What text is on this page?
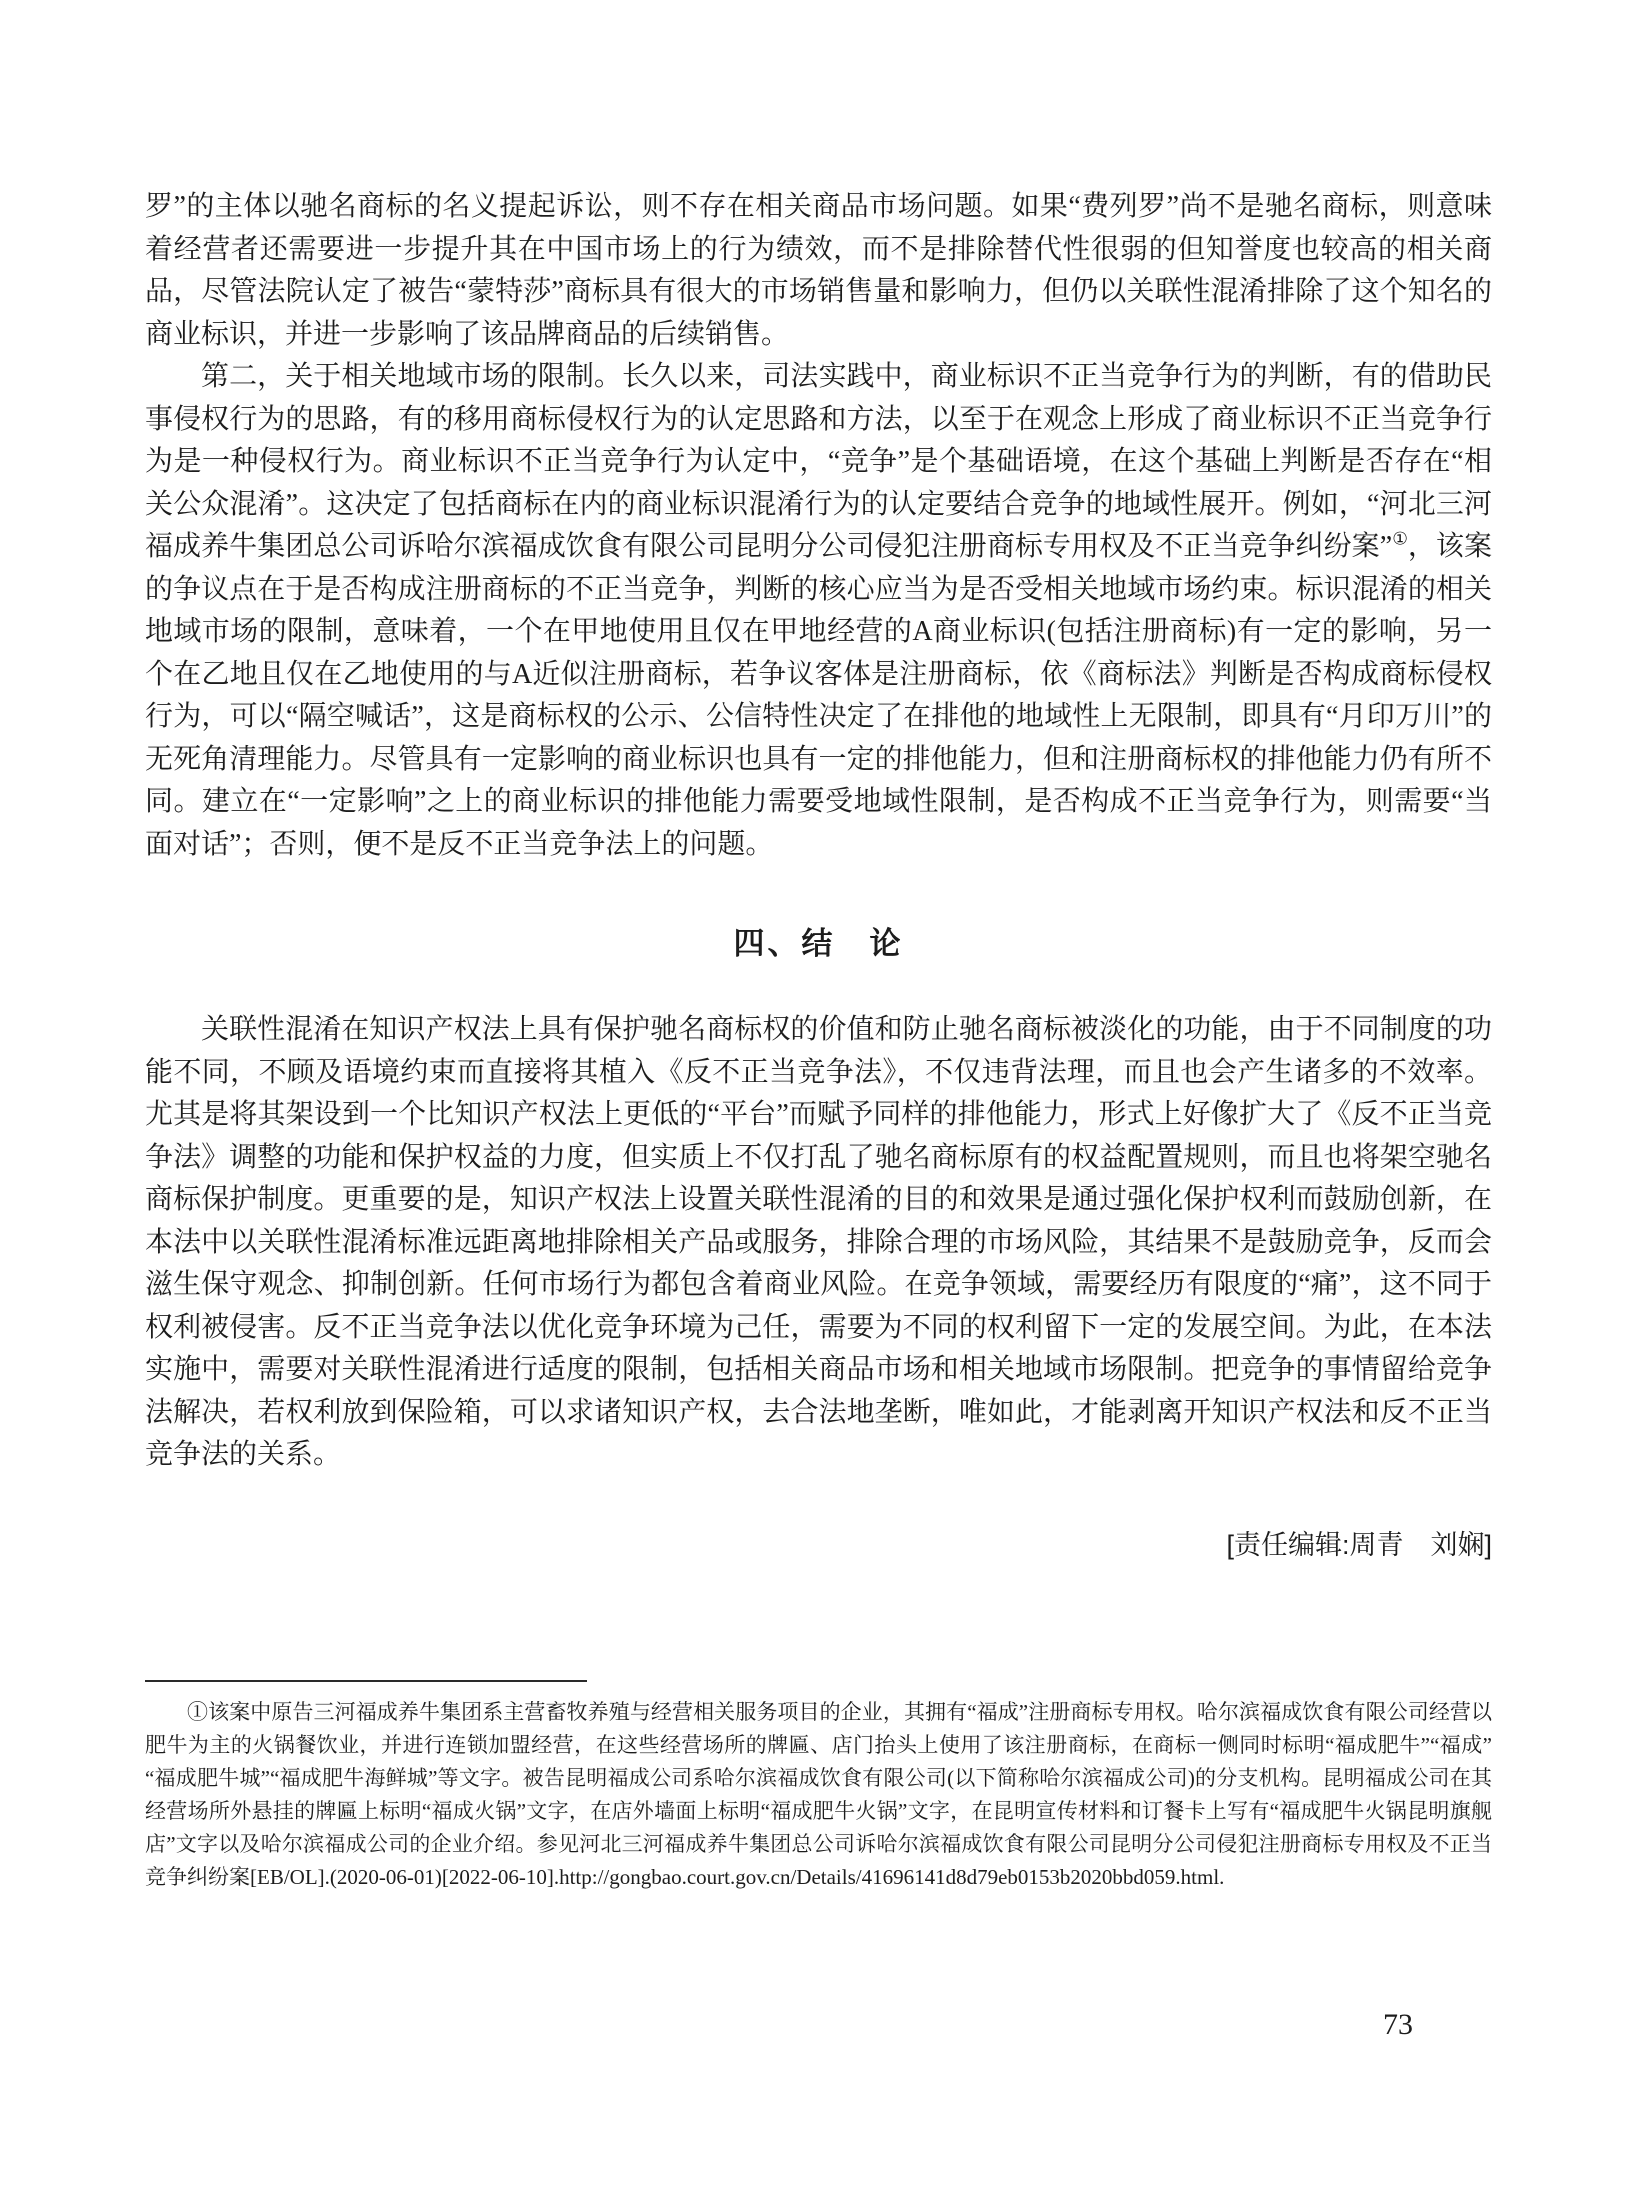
罗”的主体以驰名商标的名义提起诉讼，则不存在相关商品市场问题。如果“费列罗”尚不是驰名商标，则意味着经营者还需要进一步提升其在中国市场上的行为绩效，而不是排除替代性很弱的但知誉度也较高的相关商品，尽管法院认定了被告“蒙特莎”商标具有很大的市场销售量和影响力，但仍以关联性混淆排除了这个知名的商业标识，并进一步影响了该品牌商品的后续销售。

第二，关于相关地域市场的限制。长久以来，司法实践中，商业标识不正当竞争行为的判断，有的借助民事侵权行为的思路，有的移用商标侵权行为的认定思路和方法，以至于在观念上形成了商业标识不正当竞争行为是一种侵权行为。商业标识不正当竞争行为认定中，“竞争”是个基础语境，在这个基础上判断是否存在“相关公众混淆”。这决定了包括商标在内的商业标识混淆行为的认定要结合竞争的地域性展开。例如，“河北三河福成养牛集团总公司诉哈尔滨福成饮食有限公司昆明分公司侵犯注册商标专用权及不正当竞争纠纷案”①，该案的争议点在于是否构成注册商标的不正当竞争，判断的核心应当为是否受相关地域市场约束。标识混淆的相关地域市场的限制，意味着，一个在甲地使用且仅在甲地经营的A商业标识(包括注册商标)有一定的影响，另一个在乙地且仅在乙地使用的与A近似注册商标，若争议客体是注册商标，依《商标法》判断是否构成商标侵权行为，可以“隔空喊话”，这是商标权的公示、公信特性决定了在排他的地域性上无限制，即具有“月印万川”的无死角清理能力。尽管具有一定影响的商业标识也具有一定的排他能力，但和注册商标权的排他能力仍有所不同。建立在“一定影响”之上的商业标识的排他能力需要受地域性限制，是否构成不正当竞争行为，则需要“当面对话”；否则，便不是反不正当竞争法上的问题。

四、结　论

关联性混淆在知识产权法上具有保护驰名商标权的价值和防止驰名商标被淡化的功能，由于不同制度的功能不同，不顾及语境约束而直接将其植入《反不正当竞争法》，不仅违背法理，而且也会产生诸多的不效率。尤其是将其架设到一个比知识产权法上更低的“平台”而赋予同样的排他能力，形式上好像扩大了《反不正当竞争法》调整的功能和保护权益的力度，但实质上不仅打乱了驰名商标原有的权益配置规则，而且也将架空驰名商标保护制度。更重要的是，知识产权法上设置关联性混淆的目的和效果是通过强化保护权利而鼓励创新，在本法中以关联性混淆标准远距离地排除相关产品或服务，排除合理的市场风险，其结果不是鼓励竞争，反而会滋生保守观念、抑制创新。任何市场行为都包含着商业风险。在竞争领域，需要经历有限度的“痛”，这不同于权利被侵害。反不正当竞争法以优化竞争环境为己任，需要为不同的权利留下一定的发展空间。为此，在本法实施中，需要对关联性混淆进行适度的限制，包括相关商品市场和相关地域市场限制。把竞争的事情留给竞争法解决，若权利放到保险箱，可以求诸知识产权，去合法地垄断，唯如此，才能剥离开知识产权法和反不正当竞争法的关系。

[责任编辑:周青　刘娴]

①该案中原告三河福成养牛集团系主营畜牧养殖与经营相关服务项目的企业，其拥有“福成”注册商标专用权。哈尔滨福成饮食有限公司经营以肥牛为主的火锅餐饮业，并进行连锁加盟经营，在这些经营场所的牌匾、店门抬头上使用了该注册商标，在商标一侧同时标明“福成肥牛”“福成”“福成肥牛城”“福成肥牛海鲜城”等文字。被告昆明福成公司系哈尔滨福成饮食有限公司(以下简称哈尔滨福成公司)的分支机构。昆明福成公司在其经营场所外悬挂的牌匾上标明“福成火锅”文字，在店外墙面上标明“福成肥牛火锅”文字，在昆明宣传材料和订餐卡上写有“福成肥牛火锅昆明旗舰店”文字以及哈尔滨福成公司的企业介绍。参见河北三河福成养牛集团总公司诉哈尔滨福成饮食有限公司昆明分公司侵犯注册商标专用权及不正当竞争纠纷案[EB/OL].(2020-06-01)[2022-06-10].http://gongbao.court.gov.cn/Details/41696141d8d79eb0153b2020bbd059.html.

73
